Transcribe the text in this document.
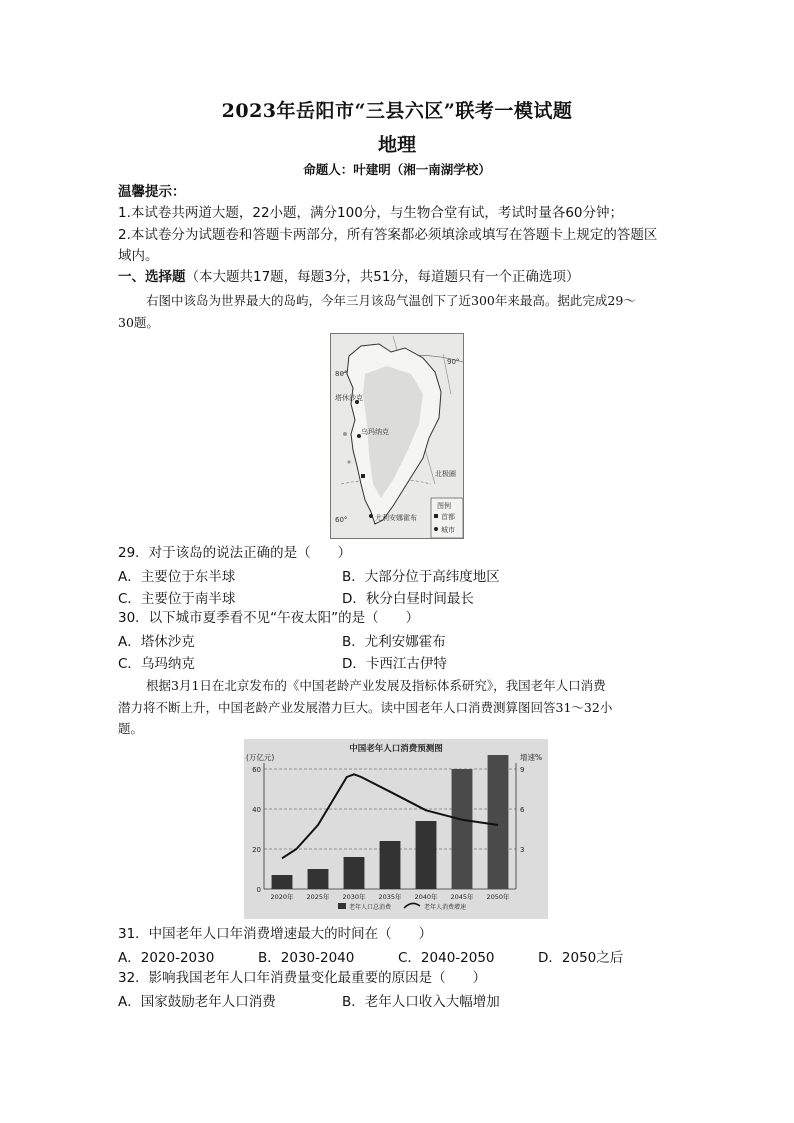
2023年岳阳市“三县六区”联考一模试题
地理
命题人：叶建明（湘一南湖学校）
温馨提示：
1.本试卷共两道大题，22小题，满分100分，与生物合堂有试，考试时量各60分钟；
2.本试卷分为试题卷和答题卡两部分，所有答案都必须填涂或填写在答题卡上规定的答题区
域内。
一、选择题（本大题共17题，每题3分，共51分，每道题只有一个正确选项）
右图中该岛为世界最大的岛屿，今年三月该岛气温创下了近300年来最高。据此完成29～
30题。
80°
90°
塔休沙克
乌玛纳克
尤利安娜霍布
北极圈
60°
图例
首都
城市
29．对于该岛的说法正确的是（　　）
A．主要位于东半球	B．大部分位于高纬度地区
C．主要位于南半球	D．秋分白昼时间最长
30．以下城市夏季看不见“午夜太阳”的是（　　）
A．塔休沙克	B．尤利安娜霍布
C．乌玛纳克	D．卡西江古伊特
根据3月1日在北京发布的《中国老龄产业发展及指标体系研究》，我国老年人口消费
潜力将不断上升，中国老龄产业发展潜力巨大。读中国老年人口消费测算图回答31～32小
题。
中国老年人口消费预测图
(万亿元)	增速%
0
20
40
60
3
6
9
2020年 2025年 2030年 2035年 2040年 2045年 2050年
老年人口总消费	老年人消费增速
31．中国老年人口年消费增速最大的时间在（　　）
A．2020-2030	B．2030-2040	C．2040-2050	D．2050之后
32．影响我国老年人口年消费量变化最重要的原因是（　　）
A．国家鼓励老年人口消费	B．老年人口收入大幅增加
